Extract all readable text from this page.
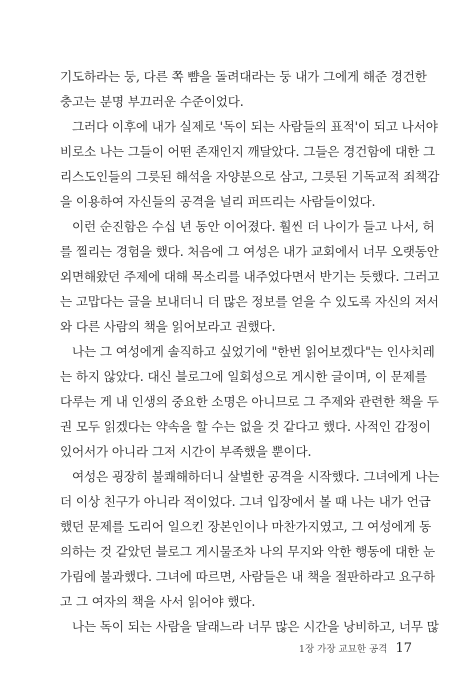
기도하라는 둥, 다른 쪽 뺨을 돌려대라는 둥 내가 그에게 해준 경건한
충고는 분명 부끄러운 수준이었다.
그러다 이후에 내가 실제로 '독이 되는 사람들의 표적'이 되고 나서야
비로소 나는 그들이 어떤 존재인지 깨달았다. 그들은 경건함에 대한 그
리스도인들의 그릇된 해석을 자양분으로 삼고, 그릇된 기독교적 죄책감
을 이용하여 자신들의 공격을 널리 퍼뜨리는 사람들이었다.
이런 순진함은 수십 년 동안 이어졌다. 훨씬 더 나이가 들고 나서, 허
를 찔리는 경험을 했다. 처음에 그 여성은 내가 교회에서 너무 오랫동안
외면해왔던 주제에 대해 목소리를 내주었다면서 반기는 듯했다. 그러고
는 고맙다는 글을 보내더니 더 많은 정보를 얻을 수 있도록 자신의 저서
와 다른 사람의 책을 읽어보라고 권했다.
나는 그 여성에게 솔직하고 싶었기에 "한번 읽어보겠다"는 인사치레
는 하지 않았다. 대신 블로그에 일회성으로 게시한 글이며, 이 문제를
다루는 게 내 인생의 중요한 소명은 아니므로 그 주제와 관련한 책을 두
권 모두 읽겠다는 약속을 할 수는 없을 것 같다고 했다. 사적인 감정이
있어서가 아니라 그저 시간이 부족했을 뿐이다.
여성은 굉장히 불쾌해하더니 살벌한 공격을 시작했다. 그녀에게 나는
더 이상 친구가 아니라 적이었다. 그녀 입장에서 볼 때 나는 내가 언급
했던 문제를 도리어 일으킨 장본인이나 마찬가지였고, 그 여성에게 동
의하는 것 같았던 블로그 게시물조차 나의 무지와 악한 행동에 대한 눈
가림에 불과했다. 그녀에 따르면, 사람들은 내 책을 절판하라고 요구하
고 그 여자의 책을 사서 읽어야 했다.
나는 독이 되는 사람을 달래느라 너무 많은 시간을 낭비하고, 너무 많
1장 가장 교묘한 공격 17
